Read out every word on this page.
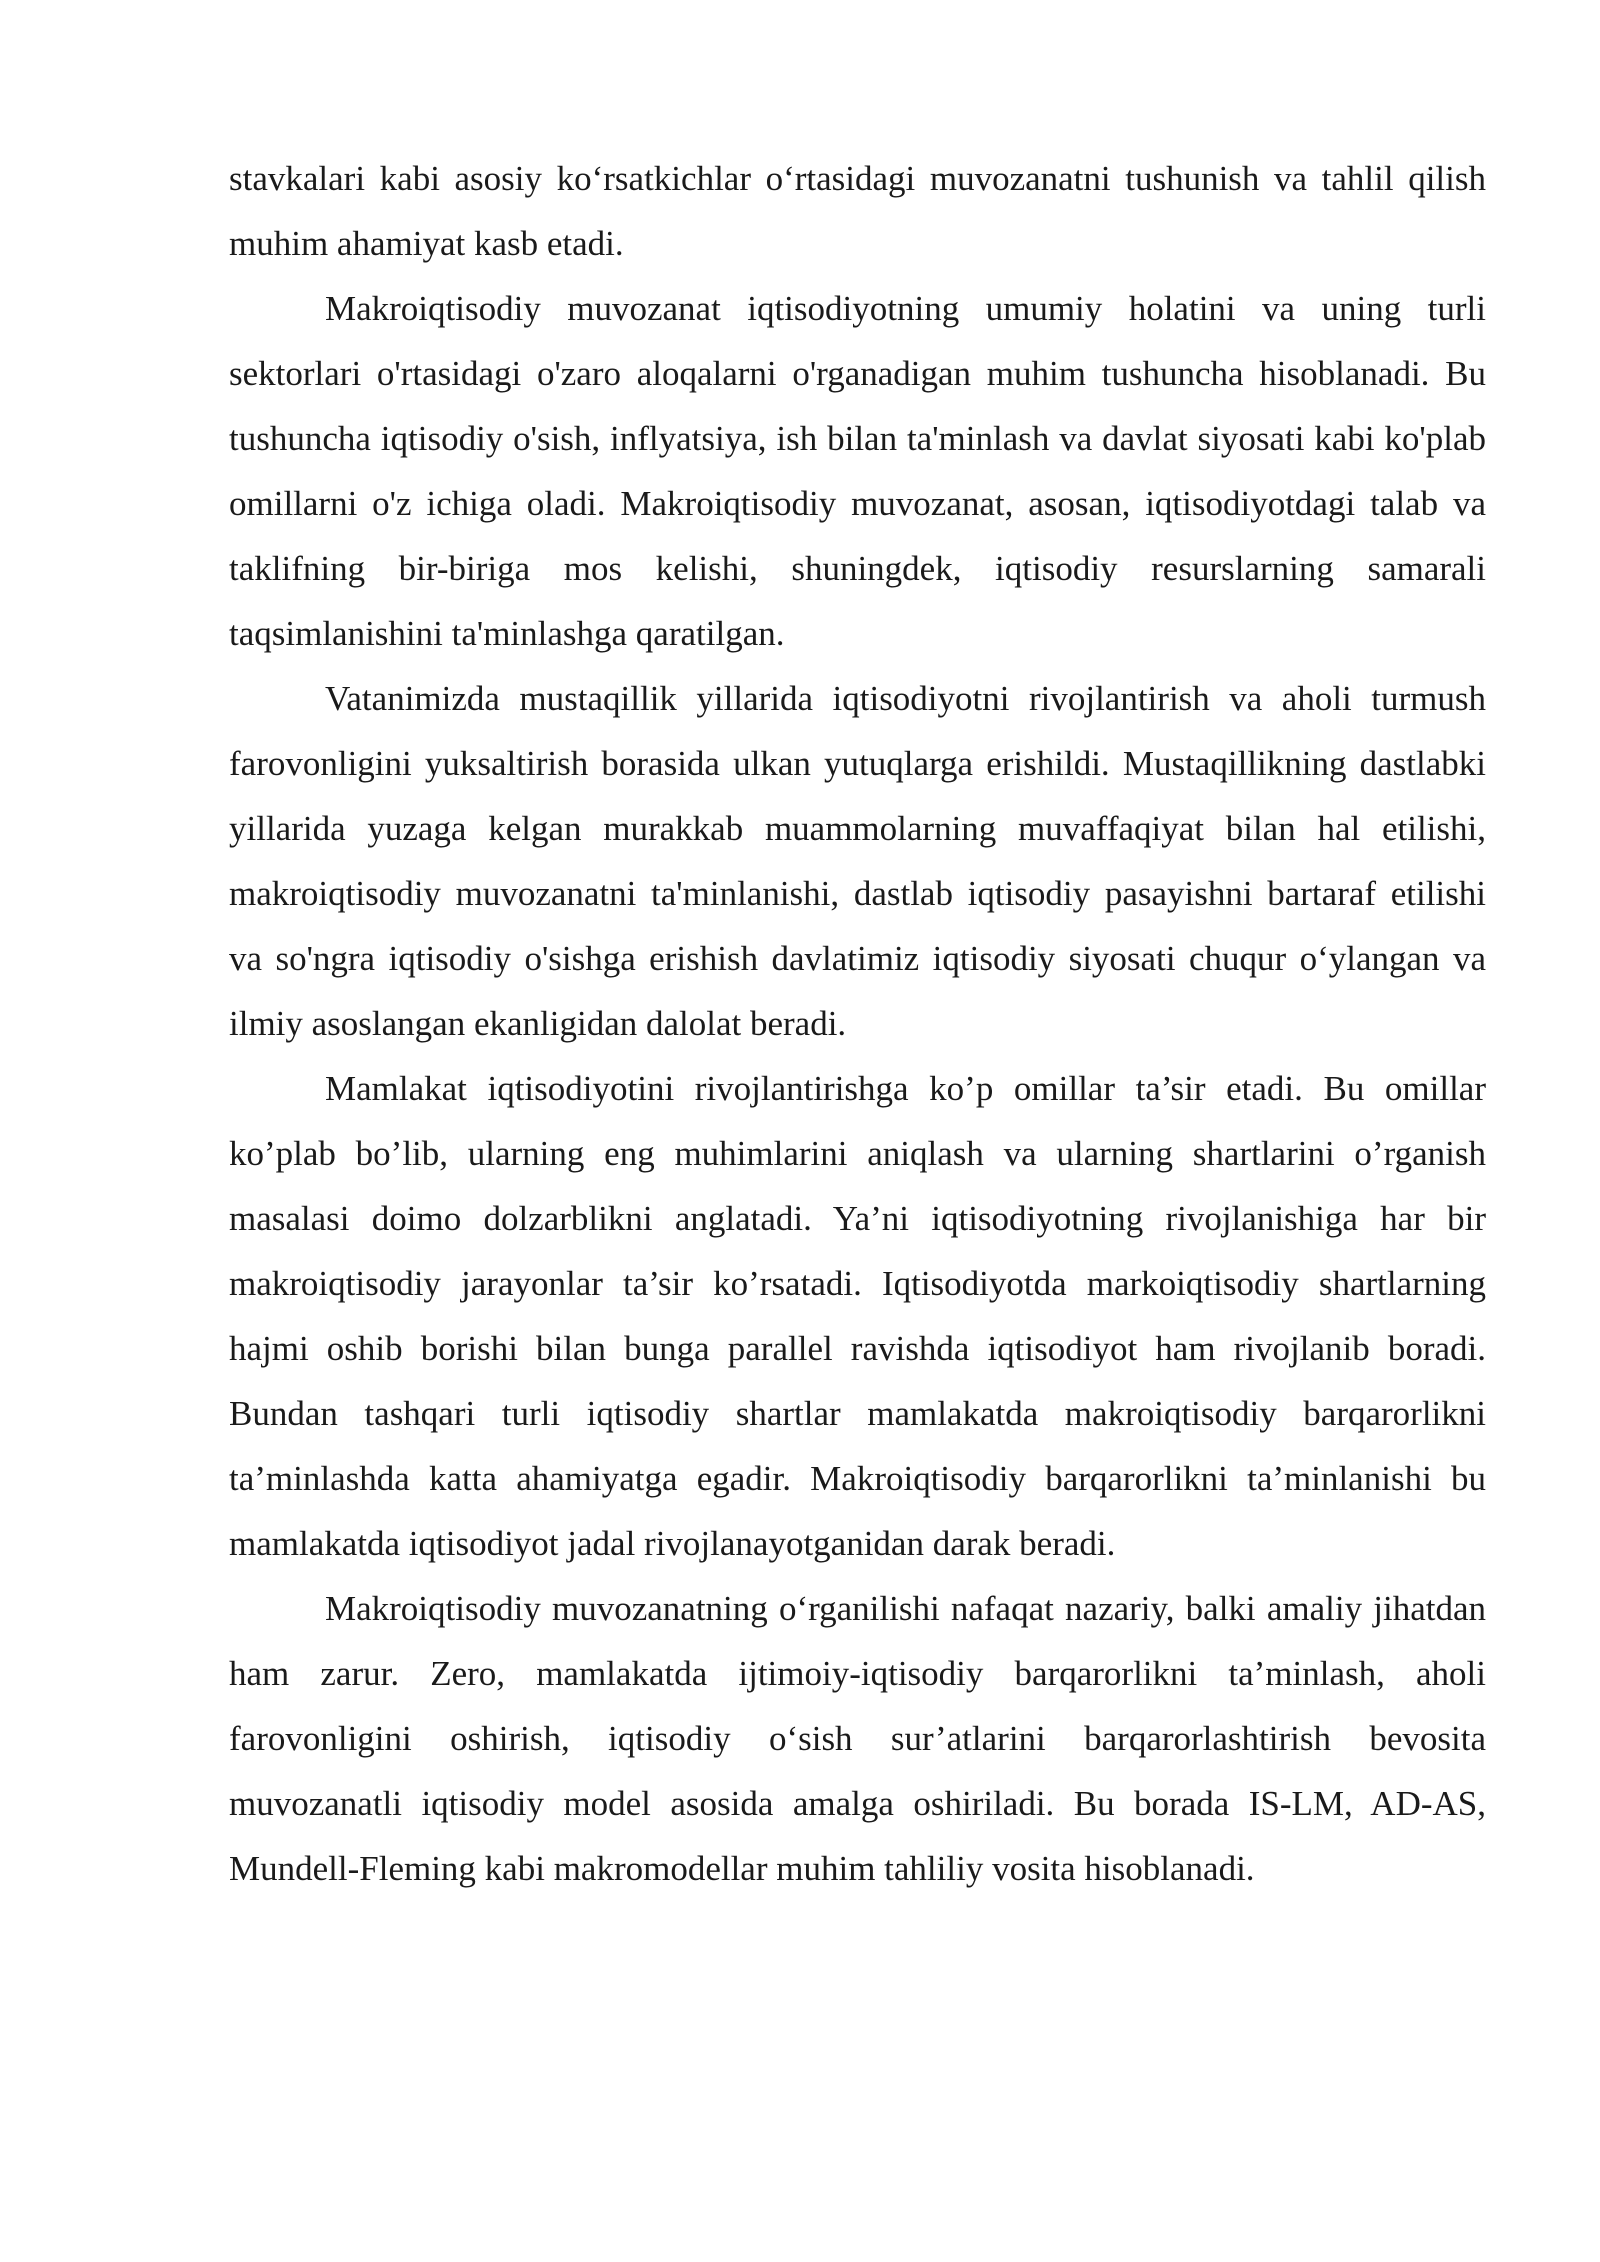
stavkalari kabi asosiy ko‘rsatkichlar o‘rtasidagi muvozanatni tushunish va tahlil qilish muhim ahamiyat kasb etadi.

Makroiqtisodiy muvozanat iqtisodiyotning umumiy holatini va uning turli sektorlari o'rtasidagi o'zaro aloqalarni o'rganadigan muhim tushuncha hisoblanadi. Bu tushuncha iqtisodiy o'sish, inflyatsiya, ish bilan ta'minlash va davlat siyosati kabi ko'plab omillarni o'z ichiga oladi. Makroiqtisodiy muvozanat, asosan, iqtisodiyotdagi talab va taklifning bir-biriga mos kelishi, shuningdek, iqtisodiy resurslarning samarali taqsimlanishini ta'minlashga qaratilgan.

Vatanimizda mustaqillik yillarida iqtisodiyotni rivojlantirish va aholi turmush farovonligini yuksaltirish borasida ulkan yutuqlarga erishildi. Mustaqillikning dastlabki yillarida yuzaga kelgan murakkab muammolarning muvaffaqiyat bilan hal etilishi, makroiqtisodiy muvozanatni ta'minlanishi, dastlab iqtisodiy pasayishni bartaraf etilishi va so'ngra iqtisodiy o'sishga erishish davlatimiz iqtisodiy siyosati chuqur o‘ylangan va ilmiy asoslangan ekanligidan dalolat beradi.

Mamlakat iqtisodiyotini rivojlantirishga ko’p omillar ta’sir etadi. Bu omillar ko’plab bo’lib, ularning eng muhimlarini aniqlash va ularning shartlarini o’rganish masalasi doimo dolzarblikni anglatadi. Ya’ni iqtisodiyotning rivojlanishiga har bir makroiqtisodiy jarayonlar ta’sir ko’rsatadi. Iqtisodiyotda markoiqtisodiy shartlarning hajmi oshib borishi bilan bunga parallel ravishda iqtisodiyot ham rivojlanib boradi. Bundan tashqari turli iqtisodiy shartlar mamlakatda makroiqtisodiy barqarorlikni ta’minlashda katta ahamiyatga egadir. Makroiqtisodiy barqarorlikni ta’minlanishi bu mamlakatda iqtisodiyot jadal rivojlanayotganidan darak beradi.

Makroiqtisodiy muvozanatning o‘rganilishi nafaqat nazariy, balki amaliy jihatdan ham zarur. Zero, mamlakatda ijtimoiy-iqtisodiy barqarorlikni ta’minlash, aholi farovonligini oshirish, iqtisodiy o‘sish sur’atlarini barqarorlashtirish bevosita muvozanatli iqtisodiy model asosida amalga oshiriladi. Bu borada IS-LM, AD-AS, Mundell-Fleming kabi makromodellar muhim tahliliy vosita hisoblanadi.
